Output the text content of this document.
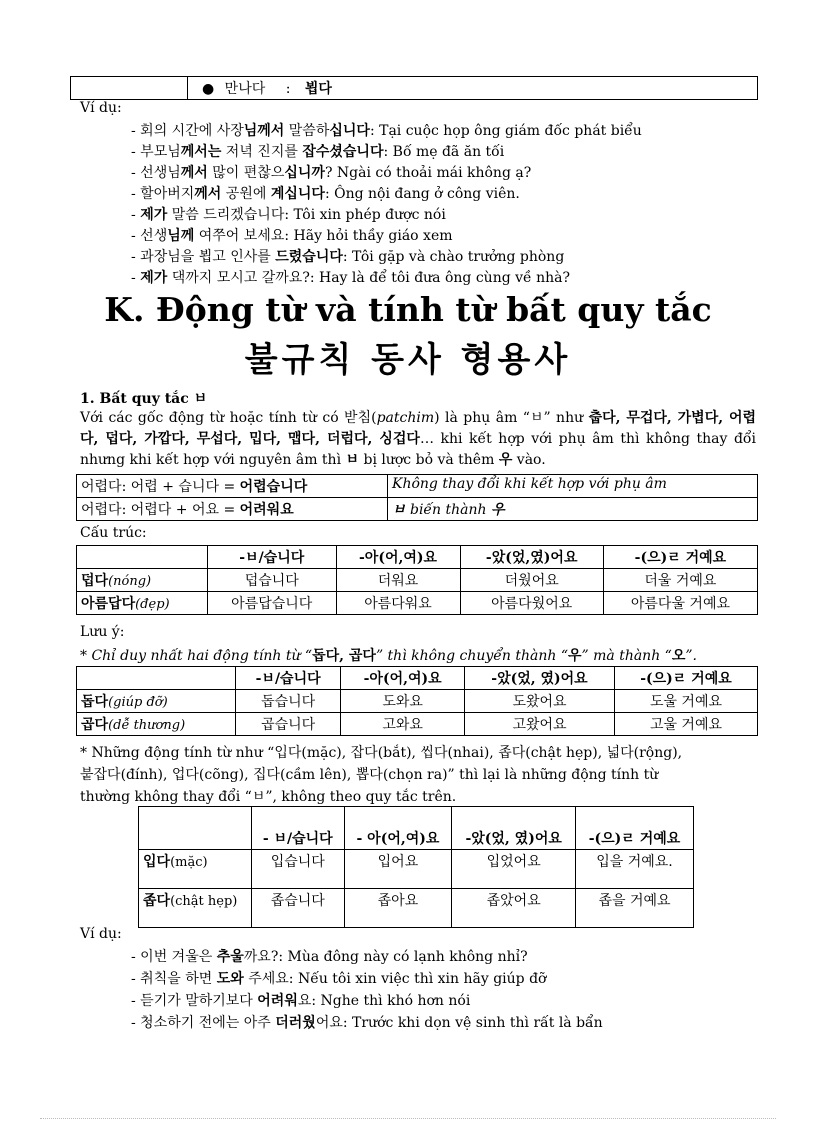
	● 만나다 : 뵙다
Ví dụ:
- 회의 시간에 사장님께서 말씀하십니다: Tại cuộc họp ông giám đốc phát biểu
- 부모님께서는 저녁 진지를 잡수셨습니다: Bố mẹ đã ăn tối
- 선생님께서 많이 편찮으십니까? Ngài có thoải mái không ạ?
- 할아버지께서 공원에 계십니다: Ông nội đang ở công viên.
- 제가 말씀 드리겠습니다: Tôi xin phép được nói
- 선생님께 여쭈어 보세요: Hãy hỏi thầy giáo xem
- 과장님을 뵙고 인사를 드렸습니다: Tôi gặp và chào trưởng phòng
- 제가 댁까지 모시고 갈까요?: Hay là để tôi đưa ông cùng về nhà?
K. Động từ và tính từ bất quy tắc
불규칙 동사 형용사
1. Bất quy tắc ㅂ
Với các gốc động từ hoặc tính từ có 받침(patchim) là phụ âm “ㅂ” như 춥다, 무겁다, 가볍다, 어렵다, 덥다, 가깝다, 무섭다, 밉다, 맵다, 더럽다, 싱겁다… khi kết hợp với phụ âm thì không thay đổi nhưng khi kết hợp với nguyên âm thì ㅂ bị lược bỏ và thêm 우 vào.
어렵다: 어렵 + 습니다 = 어렵습니다	Không thay đổi khi kết hợp với phụ âm
어렵다: 어렵다 + 어요 = 어려워요	ㅂ biến thành 우
Cấu trúc:
	-ㅂ/습니다	-아(어,여)요	-았(었,였)어요	-(으)ㄹ 거예요
덥다(nóng)	덥습니다	더워요	더웠어요	더울 거예요
아름답다(đẹp)	아름답습니다	아름다워요	아름다웠어요	아름다울 거예요
Lưu ý:
* Chỉ duy nhất hai động tính từ “돕다, 곱다” thì không chuyển thành “우” mà thành “오”.
	-ㅂ/습니다	-아(어,여)요	-았(었, 였)어요	-(으)ㄹ 거예요
돕다(giúp đỡ)	돕습니다	도와요	도왔어요	도울 거예요
곱다(dễ thương)	곱습니다	고와요	고왔어요	고울 거예요
* Những động tính từ như “입다(mặc), 잡다(bắt), 씹다(nhai), 좁다(chật hẹp), 넓다(rộng),
붙잡다(đính), 업다(cõng), 집다(cầm lên), 뽑다(chọn ra)” thì lại là những động tính từ
thường không thay đổi “ㅂ”, không theo quy tắc trên.
	- ㅂ/습니다	- 아(어,여)요	-았(었, 였)어요	-(으)ㄹ 거예요
입다(mặc)	입습니다	입어요	입었어요	입을 거예요.
좁다(chật hẹp)	좁습니다	좁아요	좁았어요	좁을 거예요
Ví dụ:
- 이번 겨울은 추울까요?: Mùa đông này có lạnh không nhỉ?
- 취칙을 하면 도와 주세요: Nếu tôi xin việc thì xin hãy giúp đỡ
- 듣기가 말하기보다 어려워요: Nghe thì khó hơn nói
- 청소하기 전에는 아주 더러웠어요: Trước khi dọn vệ sinh thì rất là bẩn
